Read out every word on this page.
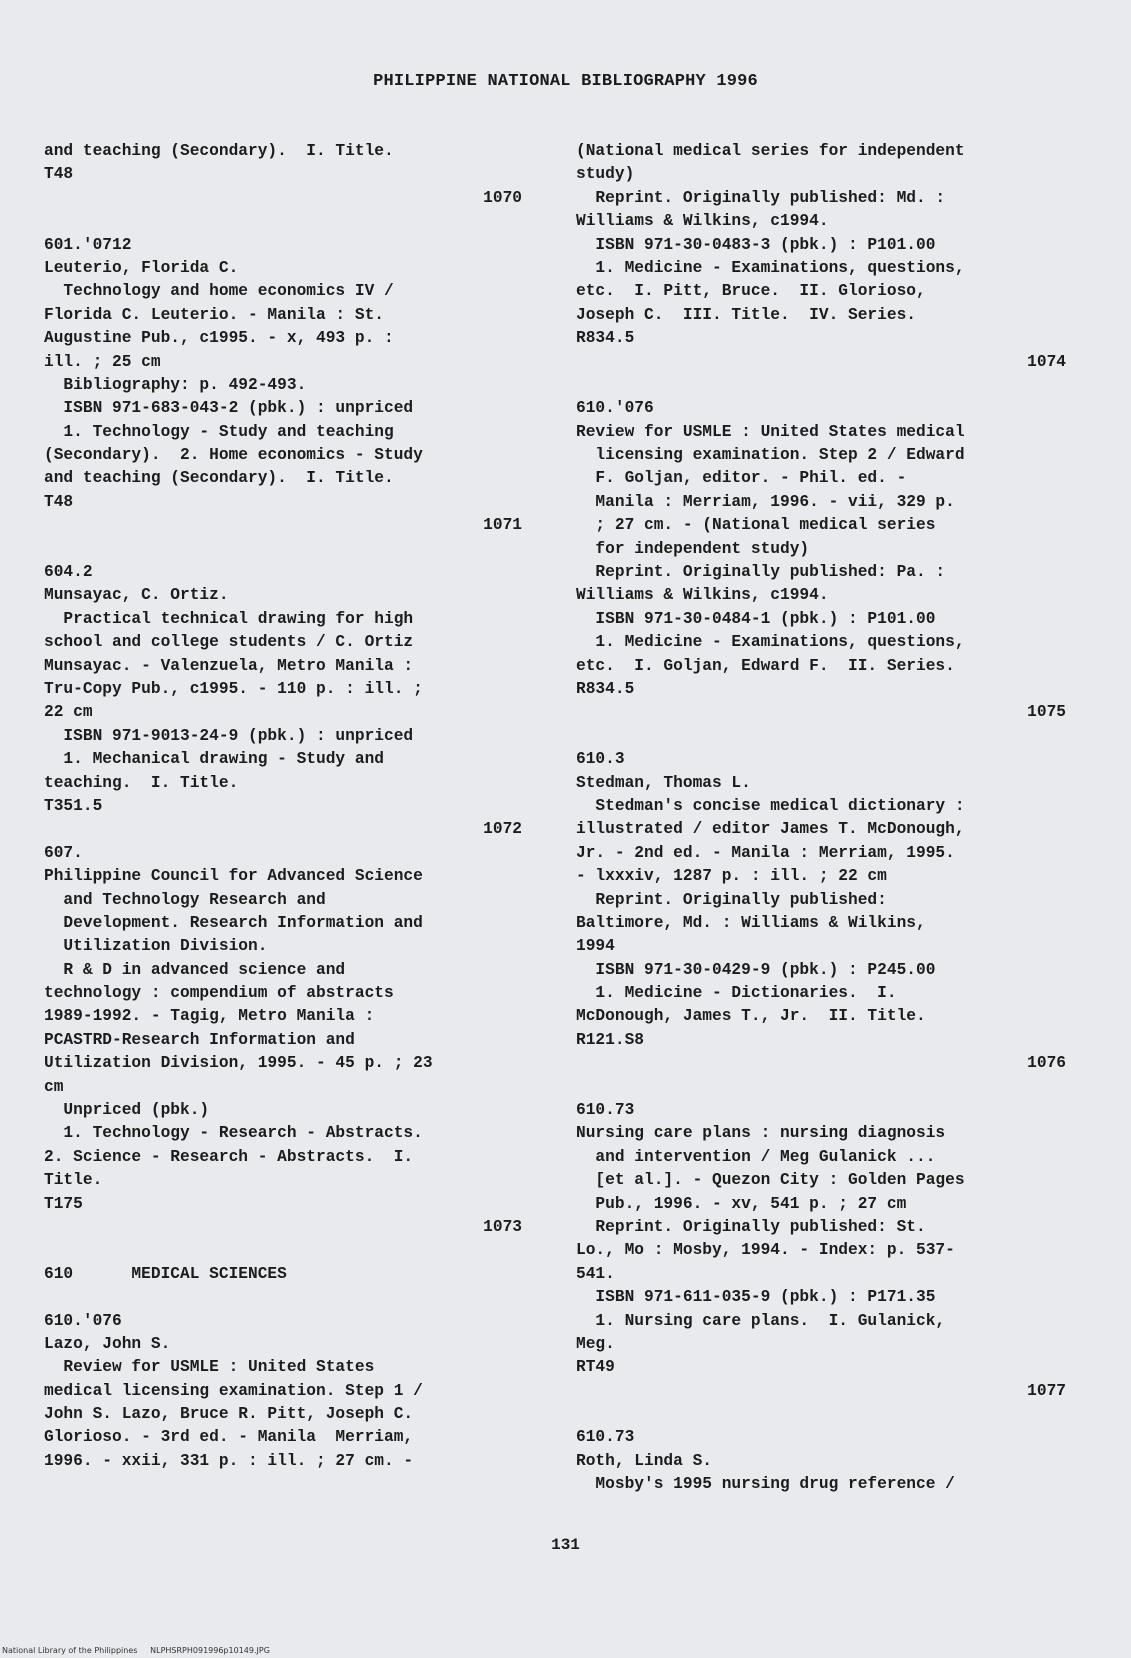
PHILIPPINE NATIONAL BIBLIOGRAPHY 1996
and teaching (Secondary).  I. Title.
T48
1070
601.'0712
Leuterio, Florida C.
Technology and home economics IV /
Florida C. Leuterio. - Manila : St.
Augustine Pub., c1995. - x, 493 p. :
ill. ; 25 cm
Bibliography: p. 492-493.
ISBN 971-683-043-2 (pbk.) : unpriced
1. Technology - Study and teaching
(Secondary).  2. Home economics - Study
and teaching (Secondary).  I. Title.
T48
1071
604.2
Munsayac, C. Ortiz.
Practical technical drawing for high
school and college students / C. Ortiz
Munsayac. - Valenzuela, Metro Manila :
Tru-Copy Pub., c1995. - 110 p. : ill. ;
22 cm
ISBN 971-9013-24-9 (pbk.) : unpriced
1. Mechanical drawing - Study and
teaching.  I. Title.
T351.5
1072
607.
Philippine Council for Advanced Science
and Technology Research and
Development. Research Information and
Utilization Division.
R & D in advanced science and
technology : compendium of abstracts
1989-1992. - Tagig, Metro Manila :
PCASTRD-Research Information and
Utilization Division, 1995. - 45 p. ; 23
cm
Unpriced (pbk.)
1. Technology - Research - Abstracts.
2. Science - Research - Abstracts.  I.
Title.
T175
1073
610      MEDICAL SCIENCES
610.'076
Lazo, John S.
Review for USMLE : United States
medical licensing examination. Step 1 /
John S. Lazo, Bruce R. Pitt, Joseph C.
Glorioso. - 3rd ed. - Manila  Merriam,
1996. - xxii, 331 p. : ill. ; 27 cm. -
(National medical series for independent
study)
Reprint. Originally published: Md. :
Williams & Wilkins, c1994.
ISBN 971-30-0483-3 (pbk.) : P101.00
1. Medicine - Examinations, questions,
etc.  I. Pitt, Bruce.  II. Glorioso,
Joseph C.  III. Title.  IV. Series.
R834.5
1074
610.'076
Review for USMLE : United States medical
licensing examination. Step 2 / Edward
F. Goljan, editor. - Phil. ed. -
Manila : Merriam, 1996. - vii, 329 p.
; 27 cm. - (National medical series
for independent study)
Reprint. Originally published: Pa. :
Williams & Wilkins, c1994.
ISBN 971-30-0484-1 (pbk.) : P101.00
1. Medicine - Examinations, questions,
etc.  I. Goljan, Edward F.  II. Series.
R834.5
1075
610.3
Stedman, Thomas L.
Stedman's concise medical dictionary :
illustrated / editor James T. McDonough,
Jr. - 2nd ed. - Manila : Merriam, 1995.
- lxxxiv, 1287 p. : ill. ; 22 cm
Reprint. Originally published:
Baltimore, Md. : Williams & Wilkins,
1994
ISBN 971-30-0429-9 (pbk.) : P245.00
1. Medicine - Dictionaries.  I.
McDonough, James T., Jr.  II. Title.
R121.S8
1076
610.73
Nursing care plans : nursing diagnosis
and intervention / Meg Gulanick ...
[et al.]. - Quezon City : Golden Pages
Pub., 1996. - xv, 541 p. ; 27 cm
Reprint. Originally published: St.
Lo., Mo : Mosby, 1994. - Index: p. 537-
541.
ISBN 971-611-035-9 (pbk.) : P171.35
1. Nursing care plans.  I. Gulanick,
Meg.
RT49
1077
610.73
Roth, Linda S.
Mosby's 1995 nursing drug reference /
131
National Library of the Philippines     NLPHSRPH091996p10149.JPG
